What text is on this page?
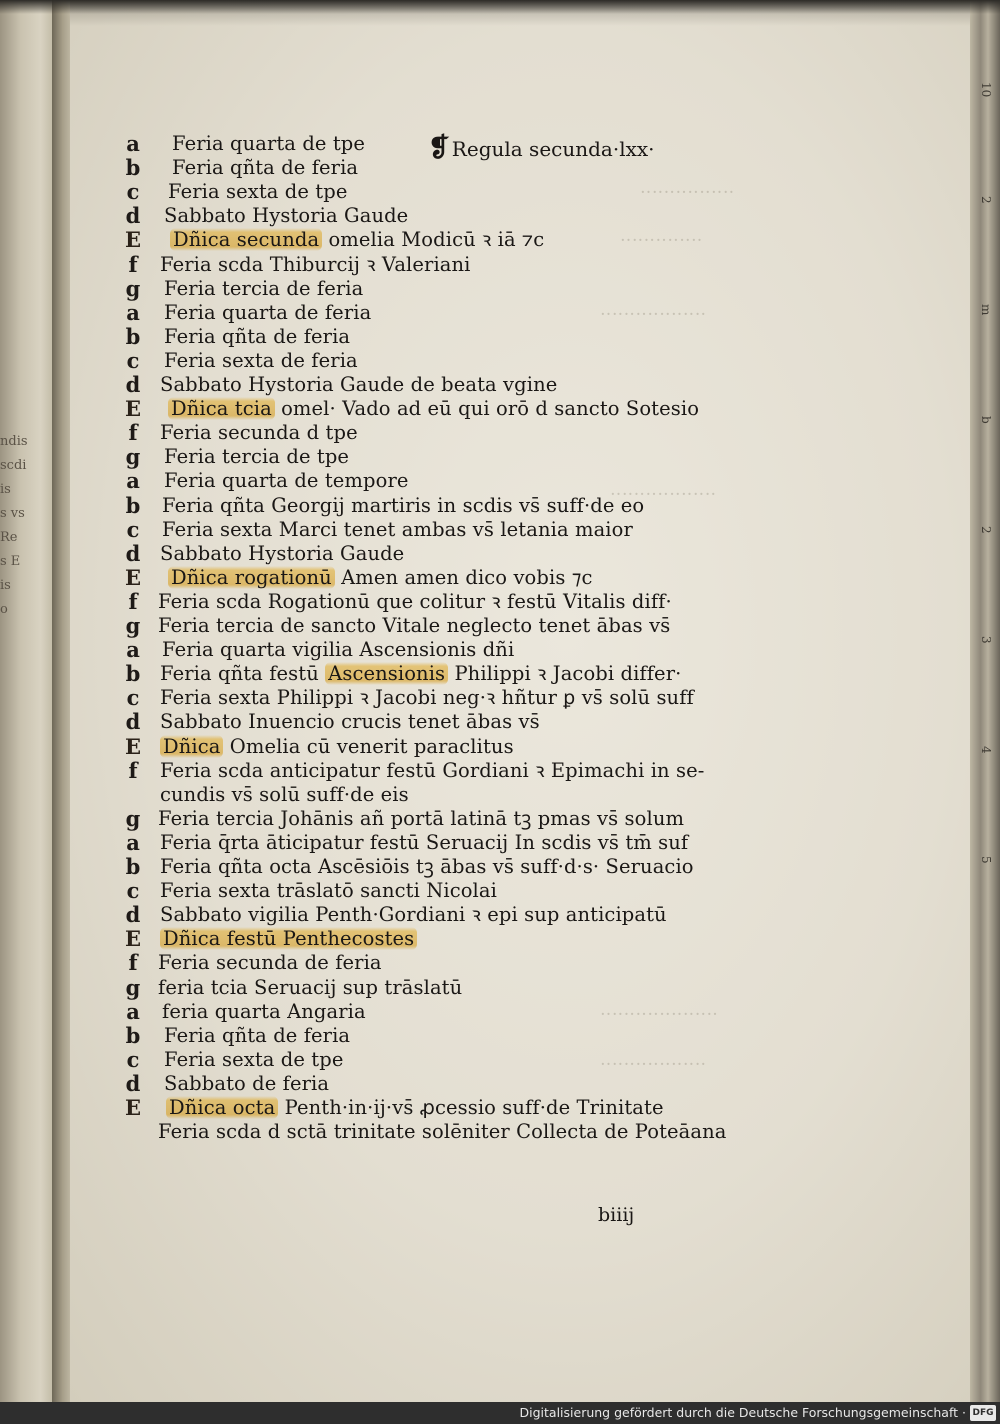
ndis
scdi
is
s vs
Re
s E
is
o
‥‥‥‥‥‥‥‥
‥‥‥‥‥‥‥
‥‥‥‥‥‥‥‥‥
‥‥‥‥‥‥‥‥‥
‥‥‥‥‥‥‥‥‥‥
‥‥‥‥‥‥‥‥‥
❡ Regula secunda·lxx·
a	Feria quarta de tpe
b	Feria qñta de feria
c	Feria sexta de tpe
d	Sabbato Hystoria Gaude
E	Dñica secunda omelia Modicū ꝛ iā ⁊c
f	Feria scda Thiburcij ꝛ Valeriani
g	Feria tercia de feria
a	Feria quarta de feria
b	Feria qñta de feria
c	Feria sexta de feria
d	Sabbato Hystoria Gaude de beata vgine
E	Dñica tcia omel· Vado ad eū qui orō d sancto Sotesio
f	Feria secunda d tpe
g	Feria tercia de tpe
a	Feria quarta de tempore
b	Feria qñta Georgij martiris in scdis vs̄ suff·de eo
c	Feria sexta Marci tenet ambas vs̄ letania maior
d	Sabbato Hystoria Gaude
E	Dñica rogationū Amen amen dico vobis ⁊c
f	Feria scda Rogationū que colitur ꝛ festū Vitalis diff·
g Feria tercia de sancto Vitale neglecto tenet ābas vs̄
a	Feria quarta vigilia Ascensionis dñi
b	Feria qñta festū Ascensionis Philippi ꝛ Jacobi differ·
c	Feria sexta Philippi ꝛ Jacobi neg·ꝛ hñtur ꝑ vs̄ solū suff
d	Sabbato Inuencio crucis tenet ābas vs̄
E	Dñica Omelia cū venerit paraclitus
f	Feria scda anticipatur festū Gordiani ꝛ Epimachi in se-
cundis vs̄ solū suff·de eis
g Feria tercia Johānis añ portā latinā tꝫ pmas vs̄ solum
a	Feria q̄rta āticipatur festū Seruacij In scdis vs̄ tm̄ suf
b	Feria qñta octa Ascēsiōis tꝫ ābas vs̄ suff·d·s· Seruacio
c	Feria sexta trāslatō sancti Nicolai
d	Sabbato vigilia Penth·Gordiani ꝛ epi sup anticipatū
E	Dñica festū Penthecostes
f	Feria secunda de feria
g feria tcia Seruacij sup trāslatū
a	feria quarta Angaria
b	Feria qñta de feria
c	Feria sexta de tpe
d	Sabbato de feria
E	Dñica octa Penth·in·ij·vs̄ ꝓcessio suff·de Trinitate
Feria scda d sctā trinitate solēniter Collecta de Poteāana
biiij
10
2
m
b
2
3
4
5
Digitalisierung gefördert durch die Deutsche Forschungsgemeinschaft · DFG
